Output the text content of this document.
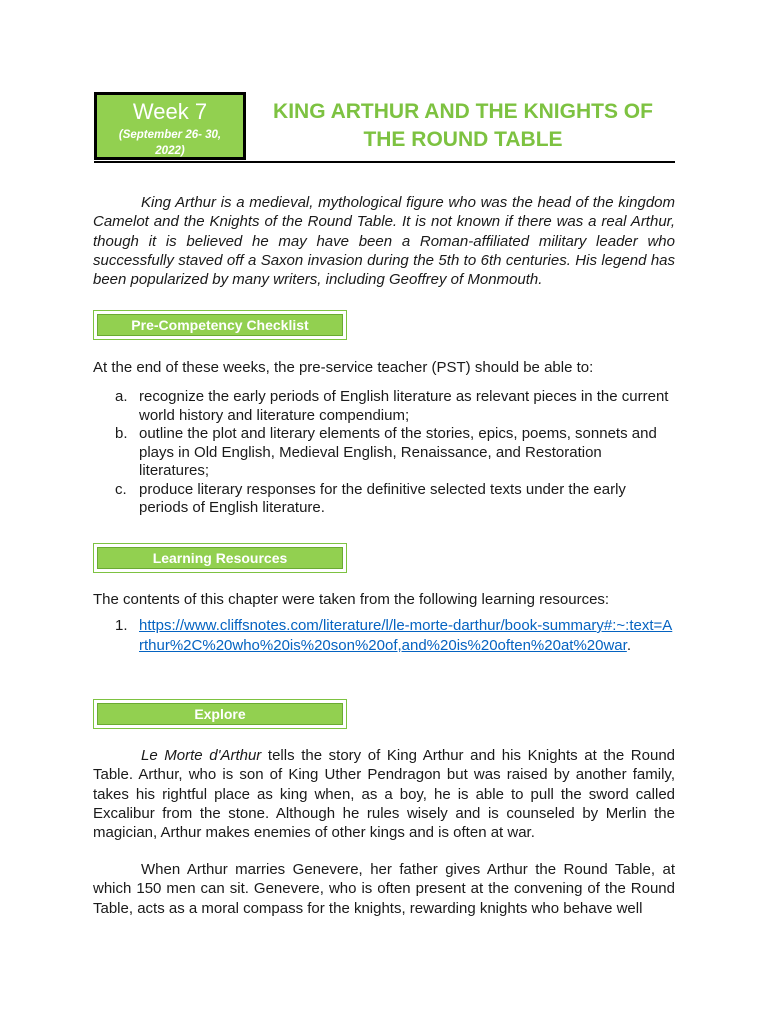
Week 7
(September 26- 30, 2022)
KING ARTHUR AND THE KNIGHTS OF THE ROUND TABLE

King Arthur is a medieval, mythological figure who was the head of the kingdom Camelot and the Knights of the Round Table. It is not known if there was a real Arthur, though it is believed he may have been a Roman-affiliated military leader who successfully staved off a Saxon invasion during the 5th to 6th centuries. His legend has been popularized by many writers, including Geoffrey of Monmouth.

Pre-Competency Checklist

At the end of these weeks, the pre-service teacher (PST) should be able to:

a. recognize the early periods of English literature as relevant pieces in the current world history and literature compendium;
b. outline the plot and literary elements of the stories, epics, poems, sonnets and plays in Old English, Medieval English, Renaissance, and Restoration literatures;
c. produce literary responses for the definitive selected texts under the early periods of English literature.
Learning Resources

The contents of this chapter were taken from the following learning resources:

1. https://www.cliffsnotes.com/literature/l/le-morte-darthur/book-summary#:~:text=Arthur%2C%20who%20is%20son%20of,and%20is%20often%20at%20war.
Explore

Le Morte d'Arthur tells the story of King Arthur and his Knights at the Round Table. Arthur, who is son of King Uther Pendragon but was raised by another family, takes his rightful place as king when, as a boy, he is able to pull the sword called Excalibur from the stone. Although he rules wisely and is counseled by Merlin the magician, Arthur makes enemies of other kings and is often at war.

When Arthur marries Genevere, her father gives Arthur the Round Table, at which 150 men can sit. Genevere, who is often present at the convening of the Round Table, acts as a moral compass for the knights, rewarding knights who behave well
